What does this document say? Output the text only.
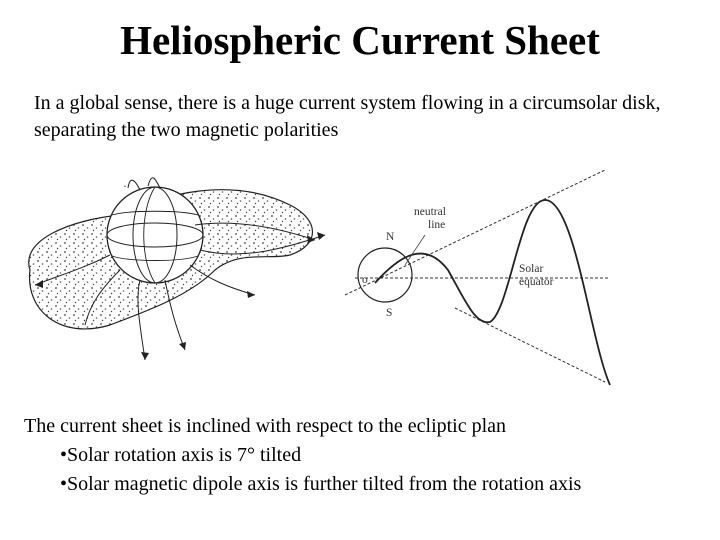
Heliospheric Current Sheet

In a global sense, there is a huge current system flowing in a circumsolar disk, separating the two magnetic polarities

·
neutral
line
N
S
o
Solar
equator

The current sheet is inclined with respect to the ecliptic plan

•Solar rotation axis is 7° tilted

•Solar magnetic dipole axis is further tilted from the rotation axis
